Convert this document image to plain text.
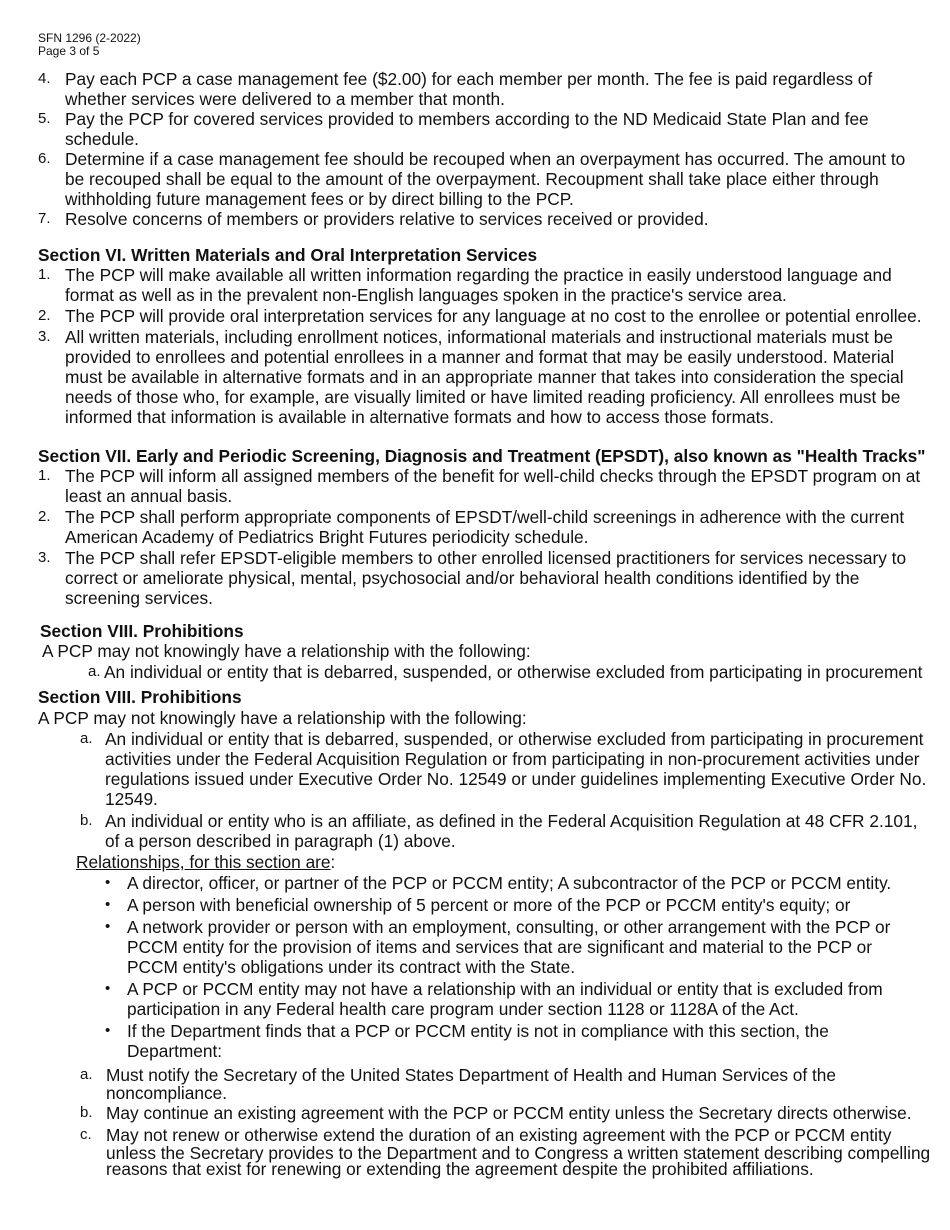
SFN 1296 (2-2022)
Page 3 of 5
4. Pay each PCP a case management fee ($2.00) for each member per month. The fee is paid regardless of
whether services were delivered to a member that month.
5. Pay the PCP for covered services provided to members according to the ND Medicaid State Plan and fee
schedule.
6. Determine if a case management fee should be recouped when an overpayment has occurred. The amount to
be recouped shall be equal to the amount of the overpayment. Recoupment shall take place either through
withholding future management fees or by direct billing to the PCP.
7. Resolve concerns of members or providers relative to services received or provided.
Section VI. Written Materials and Oral Interpretation Services
1. The PCP will make available all written information regarding the practice in easily understood language and
format as well as in the prevalent non-English languages spoken in the practice's service area.
2. The PCP will provide oral interpretation services for any language at no cost to the enrollee or potential enrollee.
3. All written materials, including enrollment notices, informational materials and instructional materials must be
provided to enrollees and potential enrollees in a manner and format that may be easily understood. Material
must be available in alternative formats and in an appropriate manner that takes into consideration the special
needs of those who, for example, are visually limited or have limited reading proficiency. All enrollees must be
informed that information is available in alternative formats and how to access those formats.
Section VII. Early and Periodic Screening, Diagnosis and Treatment (EPSDT), also known as "Health Tracks"
1. The PCP will inform all assigned members of the benefit for well-child checks through the EPSDT program on at
least an annual basis.
2. The PCP shall perform appropriate components of EPSDT/well-child screenings in adherence with the current
American Academy of Pediatrics Bright Futures periodicity schedule.
3. The PCP shall refer EPSDT-eligible members to other enrolled licensed practitioners for services necessary to
correct or ameliorate physical, mental, psychosocial and/or behavioral health conditions identified by the
screening services.
Section VIII. Prohibitions
A PCP may not knowingly have a relationship with the following:
a. An individual or entity that is debarred, suspended, or otherwise excluded from participating in procurement
Section VIII. Prohibitions
A PCP may not knowingly have a relationship with the following:
a. An individual or entity that is debarred, suspended, or otherwise excluded from participating in procurement
activities under the Federal Acquisition Regulation or from participating in non-procurement activities under
regulations issued under Executive Order No. 12549 or under guidelines implementing Executive Order No.
12549.
b. An individual or entity who is an affiliate, as defined in the Federal Acquisition Regulation at 48 CFR 2.101,
of a person described in paragraph (1) above.
Relationships, for this section are:
• A director, officer, or partner of the PCP or PCCM entity; A subcontractor of the PCP or PCCM entity.
• A person with beneficial ownership of 5 percent or more of the PCP or PCCM entity's equity; or
• A network provider or person with an employment, consulting, or other arrangement with the PCP or
PCCM entity for the provision of items and services that are significant and material to the PCP or
PCCM entity's obligations under its contract with the State.
• A PCP or PCCM entity may not have a relationship with an individual or entity that is excluded from
participation in any Federal health care program under section 1128 or 1128A of the Act.
• If the Department finds that a PCP or PCCM entity is not in compliance with this section, the
Department:
a. Must notify the Secretary of the United States Department of Health and Human Services of the
noncompliance.
b. May continue an existing agreement with the PCP or PCCM entity unless the Secretary directs otherwise.
c. May not renew or otherwise extend the duration of an existing agreement with the PCP or PCCM entity
unless the Secretary provides to the Department and to Congress a written statement describing compelling
reasons that exist for renewing or extending the agreement despite the prohibited affiliations.
